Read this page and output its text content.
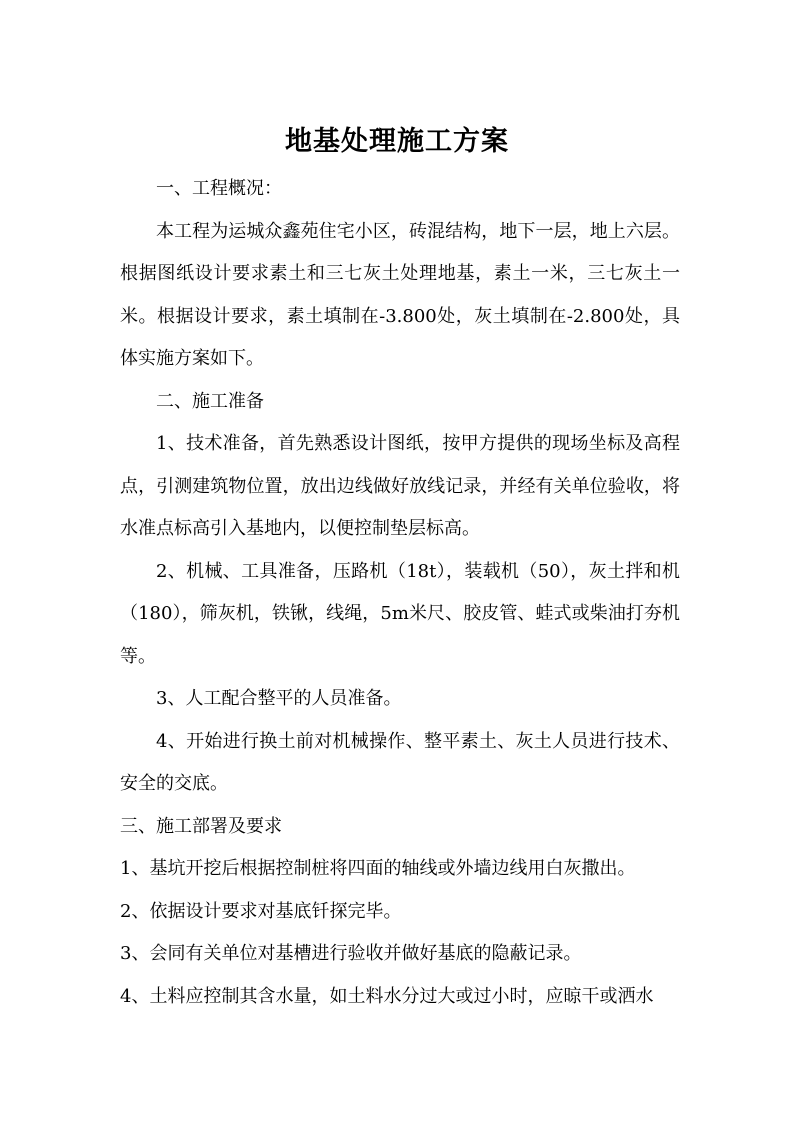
地基处理施工方案

一、工程概况：

本工程为运城众鑫苑住宅小区，砖混结构，地下一层，地上六层。根据图纸设计要求素土和三七灰土处理地基，素土一米，三七灰土一米。根据设计要求，素土填制在-3.800处，灰土填制在-2.800处，具体实施方案如下。

二、施工准备

1、技术准备，首先熟悉设计图纸，按甲方提供的现场坐标及高程点，引测建筑物位置，放出边线做好放线记录，并经有关单位验收，将水准点标高引入基地内，以便控制垫层标高。

2、机械、工具准备，压路机（18t），装载机（50），灰土拌和机（180），筛灰机，铁锹，线绳，5m米尺、胶皮管、蛙式或柴油打夯机等。

3、人工配合整平的人员准备。

4、开始进行换土前对机械操作、整平素土、灰土人员进行技术、安全的交底。

三、施工部署及要求

1、基坑开挖后根据控制桩将四面的轴线或外墙边线用白灰撒出。

2、依据设计要求对基底钎探完毕。

3、会同有关单位对基槽进行验收并做好基底的隐蔽记录。

4、土料应控制其含水量，如土料水分过大或过小时，应晾干或洒水
